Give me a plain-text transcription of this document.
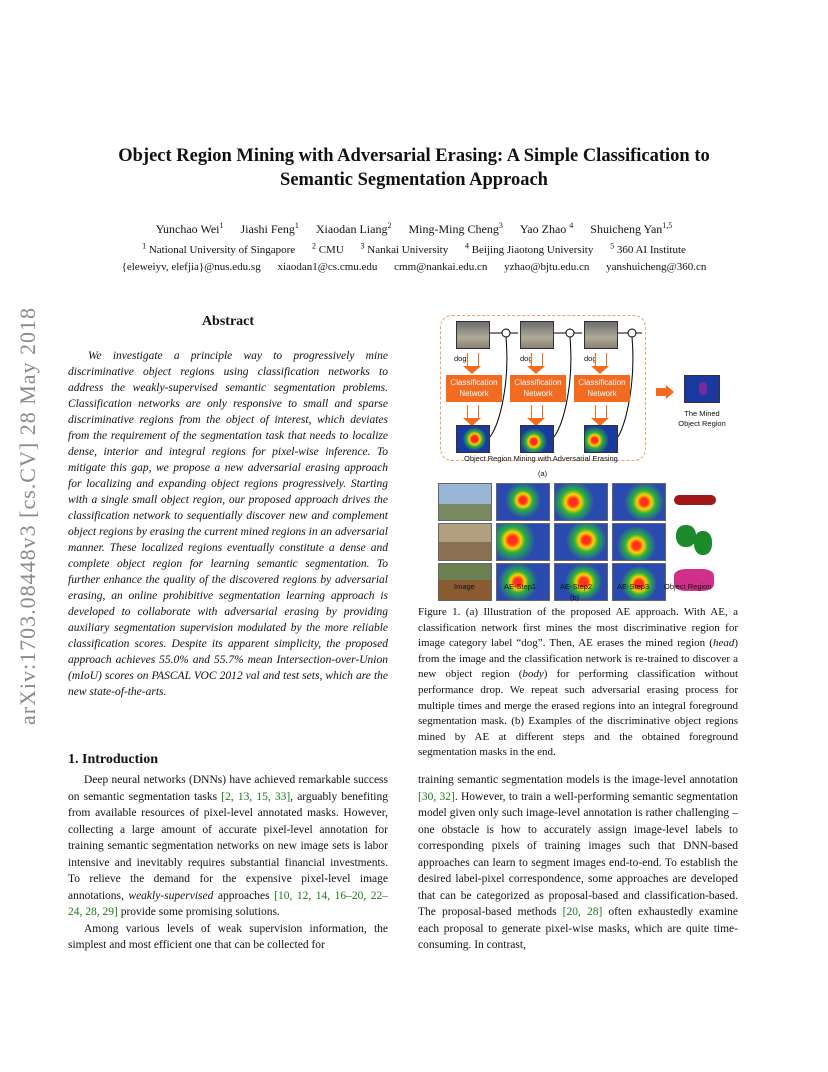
arXiv:1703.08448v3 [cs.CV] 28 May 2018
Object Region Mining with Adversarial Erasing: A Simple Classification to
Semantic Segmentation Approach
Yunchao Wei$^1$ Jiashi Feng$^1$ Xiaodan Liang$^2$ Ming-Ming Cheng$^3$ Yao Zhao $^4$ Shuicheng Yan$^{1,5}$
$^1$ National University of Singapore $^2$ CMU $^3$ Nankai University $^4$ Beijing Jiaotong University $^5$ 360 AI Institute
{eleweiyv, elefjia}@nus.edu.sg xiaodan1@cs.cmu.edu cmm@nankai.edu.cn yzhao@bjtu.edu.cn yanshuicheng@360.cn
Abstract
We investigate a principle way to progressively mine discriminative object regions using classification networks to address the weakly-supervised semantic segmentation problems. Classification networks are only responsive to small and sparse discriminative regions from the object of interest, which deviates from the requirement of the segmentation task that needs to localize dense, interior and integral regions for pixel-wise inference. To mitigate this gap, we propose a new adversarial erasing approach for localizing and expanding object regions progressively. Starting with a single small object region, our proposed approach drives the classification network to sequentially discover new and complement object regions by erasing the current mined regions in an adversarial manner. These localized regions eventually constitute a dense and complete object region for learning semantic segmentation. To further enhance the quality of the discovered regions by adversarial erasing, an online prohibitive segmentation learning approach is developed to collaborate with adversarial erasing by providing auxiliary segmentation supervision modulated by the more reliable classification scores. Despite its apparent simplicity, the proposed approach achieves 55.0% and 55.7% mean Intersection-over-Union (mIoU) scores on PASCAL VOC 2012 val and test sets, which are the new state-of-the-arts.
1. Introduction

Deep neural networks (DNNs) have achieved remarkable success on semantic segmentation tasks [2, 13, 15, 33], arguably benefiting from available resources of pixel-level annotated masks. However, collecting a large amount of accurate pixel-level annotation for training semantic segmentation networks on new image sets is labor intensive and inevitably requires substantial financial investments. To relieve the demand for the expensive pixel-level image annotations, weakly-supervised approaches [10, 12, 14, 16–20, 22–24, 28, 29] provide some promising solutions.

Among various levels of weak supervision information, the simplest and most efficient one that can be collected for

training semantic segmentation models is the image-level annotation [30, 32]. However, to train a well-performing semantic segmentation model given only such image-level annotation is rather challenging – one obstacle is how to accurately assign image-level labels to corresponding pixels of training images such that DNN-based approaches can learn to segment images end-to-end. To establish the desired label-pixel correspondence, some approaches are developed that can be categorized as proposal-based and classification-based. The proposal-based methods [20, 28] often exhaustedly examine each proposal to generate pixel-wise masks, which are quite time-consuming. In contrast,
dog	dog	dog
Classification
Network
Classification
Network
Classification
Network
Object Region Mining with Adversarial Erasing
(a)
The Mined
Object Region
Image	AE-Step1	AE-Step2	AE-Step3 Object Region
(b)
Figure 1. (a) Illustration of the proposed AE approach. With AE, a classification network first mines the most discriminative region for image category label “dog”. Then, AE erases the mined region (head) from the image and the classification network is re-trained to discover a new object region (body) for performing classification without performance drop. We repeat such adversarial erasing process for multiple times and merge the erased regions into an integral foreground segmentation mask. (b) Examples of the discriminative object regions mined by AE at different steps and the obtained foreground segmentation masks in the end.
